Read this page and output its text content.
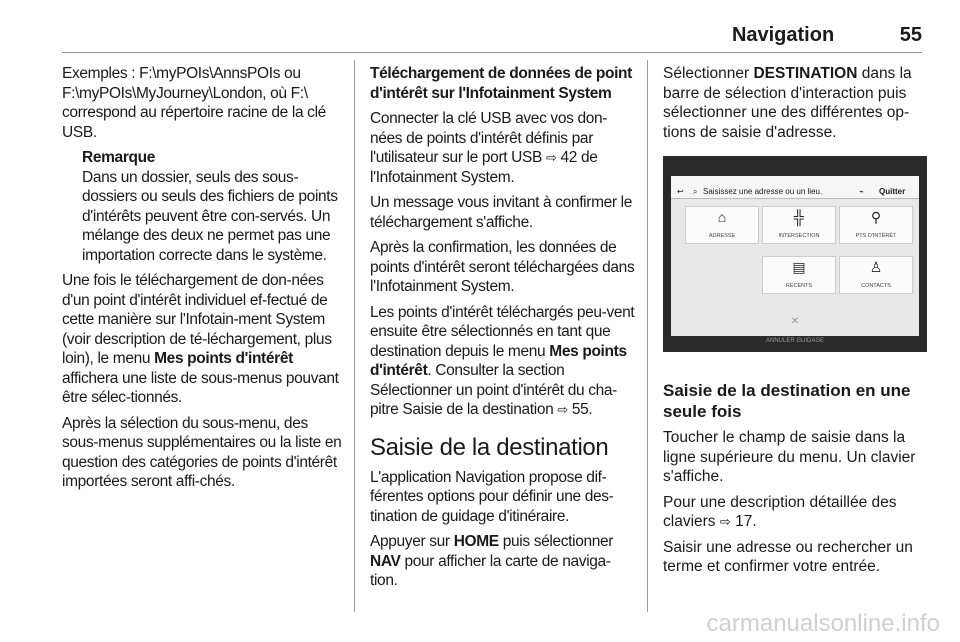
Navigation	55

Exemples : F:\myPOIs\AnnsPOIs ou F:\myPOIs\MyJourney\London, où F:\ correspond au répertoire racine de la clé USB.

Remarque
Dans un dossier, seuls des sous-dossiers ou seuls des fichiers de points d'intérêts peuvent être con-servés. Un mélange des deux ne permet pas une importation correcte dans le système.

Une fois le téléchargement de don-nées d'un point d'intérêt individuel ef-fectué de cette manière sur l'Infotain-ment System (voir description de té-léchargement, plus loin), le menu Mes points d'intérêt affichera une liste de sous-menus pouvant être sélec-tionnés.

Après la sélection du sous-menu, des sous-menus supplémentaires ou la liste en question des catégories de points d'intérêt importées seront affi-chés.

Téléchargement de données de point d'intérêt sur l'Infotainment System

Connecter la clé USB avec vos don-nées de points d'intérêt définis par l'utilisateur sur le port USB ⇨ 42 de l'Infotainment System.

Un message vous invitant à confirmer le téléchargement s'affiche.

Après la confirmation, les données de points d'intérêt seront téléchargées dans l'Infotainment System.

Les points d'intérêt téléchargés peu-vent ensuite être sélectionnés en tant que destination depuis le menu Mes points d'intérêt. Consulter la section Sélectionner un point d'intérêt du cha-pitre Saisie de la destination ⇨ 55.

Saisie de la destination

L'application Navigation propose dif-férentes options pour définir une des-tination de guidage d'itinéraire.

Appuyer sur HOME puis sélectionner NAV pour afficher la carte de naviga-tion.

Sélectionner DESTINATION dans la barre de sélection d'interaction puis sélectionner une des différentes op-tions de saisie d'adresse.

↩ ⌕ Saisissez une adresse ou un lieu.	⌁ Quitter
⌂
ADRESSE
╬
INTERSECTION
⚲
PTS D'INTÉRÊT
▤
RÉCENTS
♙
CONTACTS
✕
ANNULER GUIDAGE
Saisie de la destination en une seule fois

Toucher le champ de saisie dans la ligne supérieure du menu. Un clavier s'affiche.

Pour une description détaillée des claviers ⇨ 17.

Saisir une adresse ou rechercher un terme et confirmer votre entrée.

carmanualsonline.info
